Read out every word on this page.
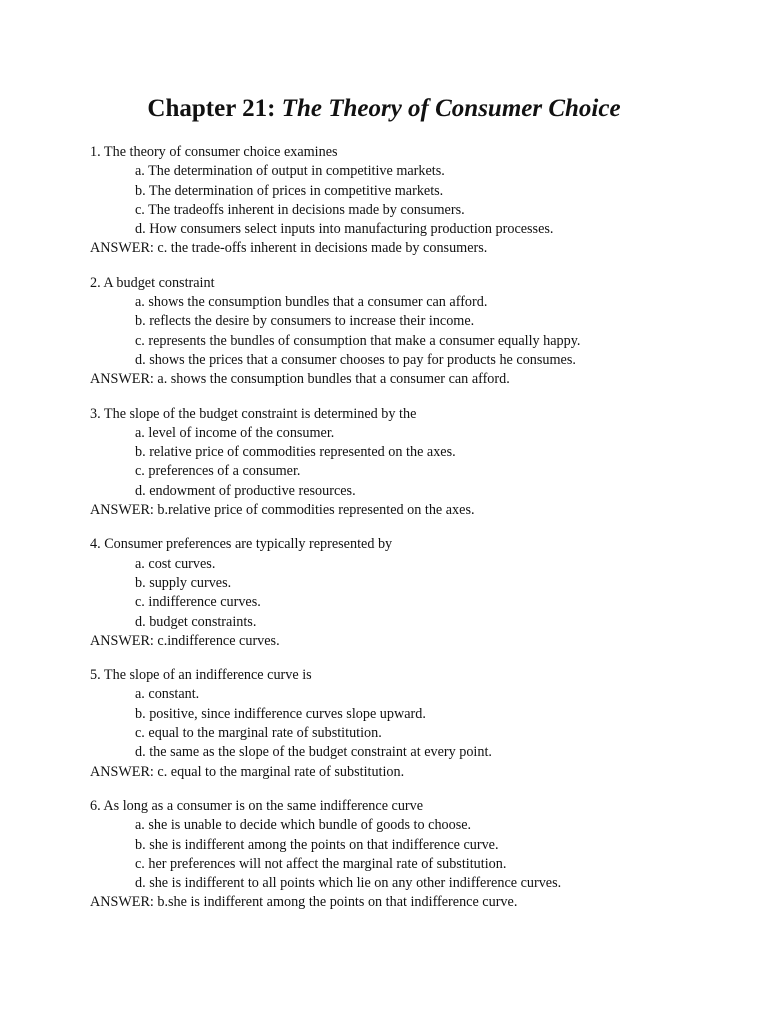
Chapter 21: The Theory of Consumer Choice
1. The theory of consumer choice examines
a. The determination of output in competitive markets.
b. The determination of prices in competitive markets.
c. The tradeoffs inherent in decisions made by consumers.
d. How consumers select inputs into manufacturing production processes.
ANSWER: c. the trade-offs inherent in decisions made by consumers.
2. A budget constraint
a. shows the consumption bundles that a consumer can afford.
b. reflects the desire by consumers to increase their income.
c. represents the bundles of consumption that make a consumer equally happy.
d. shows the prices that a consumer chooses to pay for products he consumes.
ANSWER: a. shows the consumption bundles that a consumer can afford.
3. The slope of the budget constraint is determined by the
a. level of income of the consumer.
b. relative price of commodities represented on the axes.
c. preferences of a consumer.
d. endowment of productive resources.
ANSWER: b.relative price of commodities represented on the axes.
4. Consumer preferences are typically represented by
a. cost curves.
b. supply curves.
c. indifference curves.
d. budget constraints.
ANSWER: c.indifference curves.
5. The slope of an indifference curve is
a. constant.
b. positive, since indifference curves slope upward.
c. equal to the marginal rate of substitution.
d. the same as the slope of the budget constraint at every point.
ANSWER: c. equal to the marginal rate of substitution.
6. As long as a consumer is on the same indifference curve
a. she is unable to decide which bundle of goods to choose.
b. she is indifferent among the points on that indifference curve.
c. her preferences will not affect the marginal rate of substitution.
d. she is indifferent to all points which lie on any other indifference curves.
ANSWER: b.she is indifferent among the points on that indifference curve.
